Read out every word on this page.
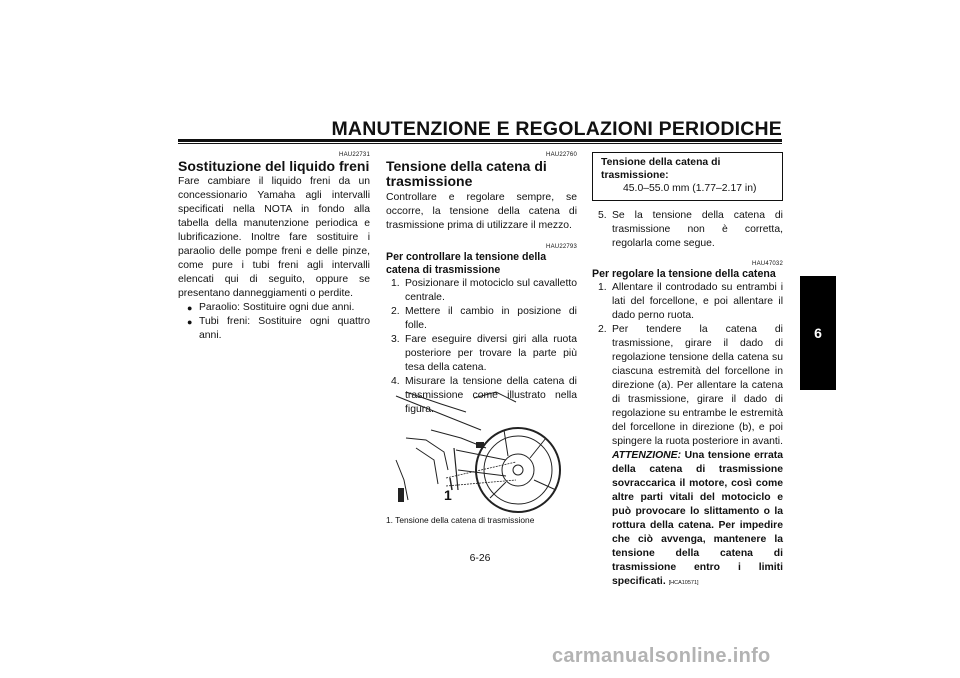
MANUTENZIONE E REGOLAZIONI PERIODICHE
6
HAU22731
Sostituzione del liquido freni

Fare cambiare il liquido freni da un concessionario Yamaha agli intervalli specificati nella NOTA in fondo alla tabella della manutenzione periodica e lubrificazione. Inoltre fare sostituire i paraolio delle pompe freni e delle pinze, come pure i tubi freni agli intervalli elencati qui di seguito, oppure se presentano danneggiamenti o perdite.

● Paraolio: Sostituire ogni due anni.
● Tubi freni: Sostituire ogni quattro anni.
HAU22760
Tensione della catena di trasmissione

Controllare e regolare sempre, se occorre, la tensione della catena di trasmissione prima di utilizzare il mezzo.

HAU22793
Per controllare la tensione della catena di trasmissione
1. Posizionare il motociclo sul cavalletto centrale.
2. Mettere il cambio in posizione di folle.
3. Fare eseguire diversi giri alla ruota posteriore per trovare la parte più tesa della catena.
4. Misurare la tensione della catena di trasmissione come illustrato nella figura.
1
1. Tensione della catena di trasmissione
Tensione della catena di trasmissione:
45.0–55.0 mm (1.77–2.17 in)
5. Se la tensione della catena di trasmissione non è corretta, regolarla come segue.
HAU47032
Per regolare la tensione della catena
1. Allentare il controdado su entrambi i lati del forcellone, e poi allentare il dado perno ruota.
2. Per tendere la catena di trasmissione, girare il dado di regolazione tensione della catena su ciascuna estremità del forcellone in direzione (a). Per allentare la catena di trasmissione, girare il dado di regolazione su entrambe le estremità del forcellone in direzione (b), e poi spingere la ruota posteriore in avanti. ATTENZIONE: Una tensione errata della catena di trasmissione sovraccarica il motore, così come altre parti vitali del motociclo e può provocare lo slittamento o la rottura della catena. Per impedire che ciò avvenga, mantenere la tensione della catena di trasmissione entro i limiti specificati. [HCA10571]
6-26
carmanualsonline.info
